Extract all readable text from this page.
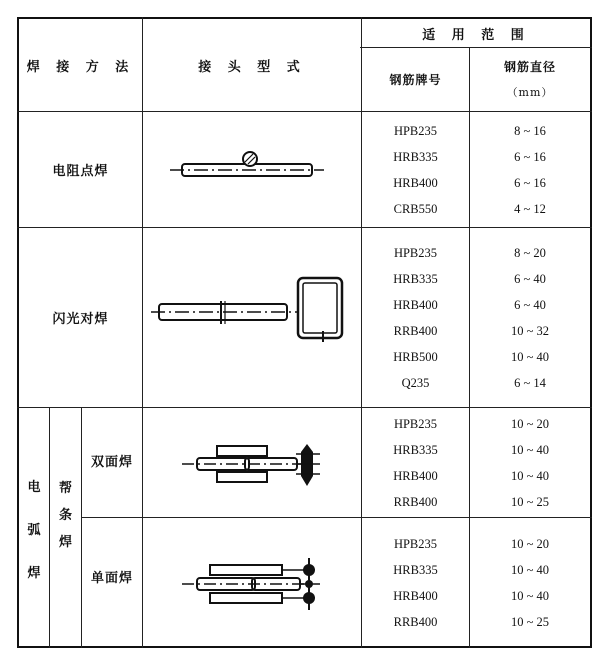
焊 接 方 法	接 头 型 式
适 用 范 围
钢筋牌号
钢筋直径
（mm）
电阻点焊
HPB235
HRB335
HRB400
CRB550
8 ~ 16
6 ~ 16
6 ~ 16
4 ~ 12
闪光对焊
HPB235
HRB335
HRB400
RRB400
HRB500
Q235
8 ~ 20
6 ~ 40
6 ~ 40
10 ~ 32
10 ~ 40
6 ~ 14
电
弧
焊
帮
条
焊
双面焊
HPB235
HRB335
HRB400
RRB400
10 ~ 20
10 ~ 40
10 ~ 40
10 ~ 25
单面焊
HPB235
HRB335
HRB400
RRB400
10 ~ 20
10 ~ 40
10 ~ 40
10 ~ 25
